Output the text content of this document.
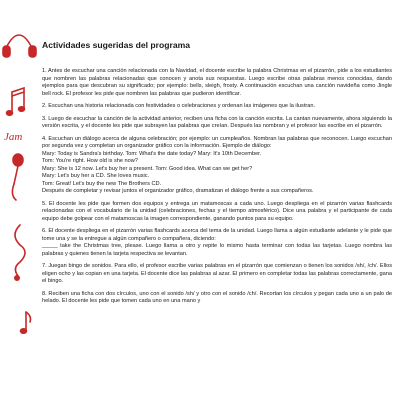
Jam
Actividades sugeridas del programa

1. Antes de escuchar una canción relacionada con la Navidad, el docente escribe la palabra Christmas en el pizarrón, pide a los estudiantes que nombren las palabras relacionadas que conocen y anota sus respuestas. Luego escribe otras palabras menos conocidas, dando ejemplos para que descubran su significado; por ejemplo: bells, sleigh, frosty. A continuación escuchan una canción navideña como Jingle bell rock. El profesor les pide que nombren las palabras que pudieron identificar.

2. Escuchan una historia relacionada con festividades o celebraciones y ordenan las imágenes que la ilustran.

3. Luego de escuchar la canción de la actividad anterior, reciben una ficha con la canción escrita. La cantan nuevamente, ahora siguiendo la versión escrita, y el docente les pide que subrayen las palabras que creían. Después las nombran y el profesor las escribe en el pizarrón.

4. Escuchan un diálogo acerca de alguna celebración; por ejemplo: un cumpleaños. Nombran las palabras que reconocen. Luego escuchan por segunda vez y completan un organizador gráfico con la información. Ejemplo de diálogo:
Mary: Today is Sandra's birthday. Tom: What's the date today? Mary: It's 10th December.
Tom: You're right. How old is she now?
Mary: She is 12 now. Let's buy her a present. Tom: Good idea. What can we get her?
Mary: Let's buy her a CD. She loves music.
Tom: Great! Let's buy the new The Brothers CD.
Después de completar y revisar juntos el organizador gráfico, dramatizan el diálogo frente a sus compañeros.

5. El docente les pide que formen dos equipos y entrega un matamoscas a cada uno. Luego despliega en el pizarrón varias flashcards relacionadas con el vocabulario de la unidad (celebraciones, fechas y el tiempo atmosférico). Dice una palabra y el participante de cada equipo debe golpear con el matamoscas la imagen correspondiente, ganando puntos para su equipo.

6. El docente despliega en el pizarrón varias flashcards acerca del tema de la unidad. Luego llama a algún estudiante adelante y le pide que tome una y se la entregue a algún compañero o compañera, diciendo:
_____ take the Christmas tree, please. Luego llama a otro y repite lo mismo hasta terminar con todas las tarjetas. Luego nombra las palabras y quienes tienen la tarjeta respectiva se levantan.

7. Juegan bingo de sonidos. Para ello, el profesor escribe varias palabras en el pizarrón que comienzan o tienen los sonidos /sh/, /ch/. Ellos eligen ocho y las copian en una tarjeta. El docente dice las palabras al azar. El primero en completar todas las palabras correctamente, gana el bingo.

8. Reciben una ficha con dos círculos, uno con el sonido /sh/ y otro con el sonido /ch/. Recortan los círculos y pegan cada uno a un palo de helado. El docente les pide que tomen cada uno en una mano y
